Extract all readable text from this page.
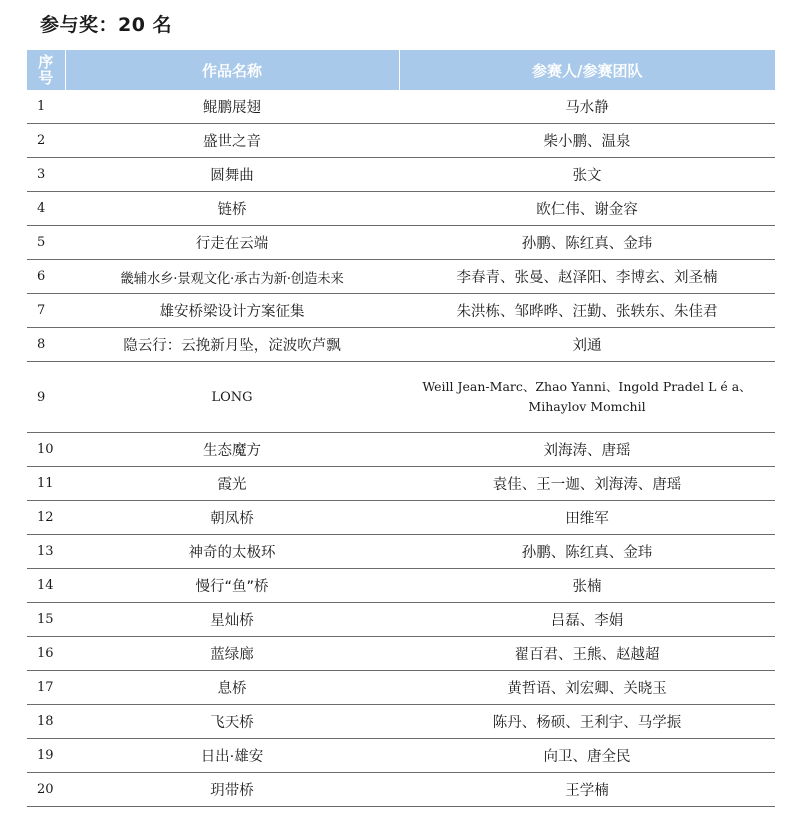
参与奖：20 名
序号	作品名称	参赛人/参赛团队
1	鲲鹏展翅	马水静
2	盛世之音	柴小鹏、温泉
3	圆舞曲	张文
4	链桥	欧仁伟、谢金容
5	行走在云端	孙鹏、陈红真、金玮
6	畿辅水乡·景观文化·承古为新·创造未来	李春青、张曼、赵泽阳、李博玄、刘圣楠
7	雄安桥梁设计方案征集	朱洪栋、邹晔晔、汪勤、张轶东、朱佳君
8	隐云行：云挽新月坠，淀波吹芦飘	刘通
9	LONG	Weill Jean-Marc、Zhao Yanni、Ingold Pradel L é a、Mihaylov Momchil
10	生态魔方	刘海涛、唐瑶
11	霞光	袁佳、王一迦、刘海涛、唐瑶
12	朝凤桥	田维军
13	神奇的太极环	孙鹏、陈红真、金玮
14	慢行“鱼”桥	张楠
15	星灿桥	吕磊、李娟
16	蓝绿廊	翟百君、王熊、赵越超
17	息桥	黄哲语、刘宏卿、关晓玉
18	飞天桥	陈丹、杨硕、王利宇、马学振
19	日出·雄安	向卫、唐全民
20	玥带桥	王学楠
